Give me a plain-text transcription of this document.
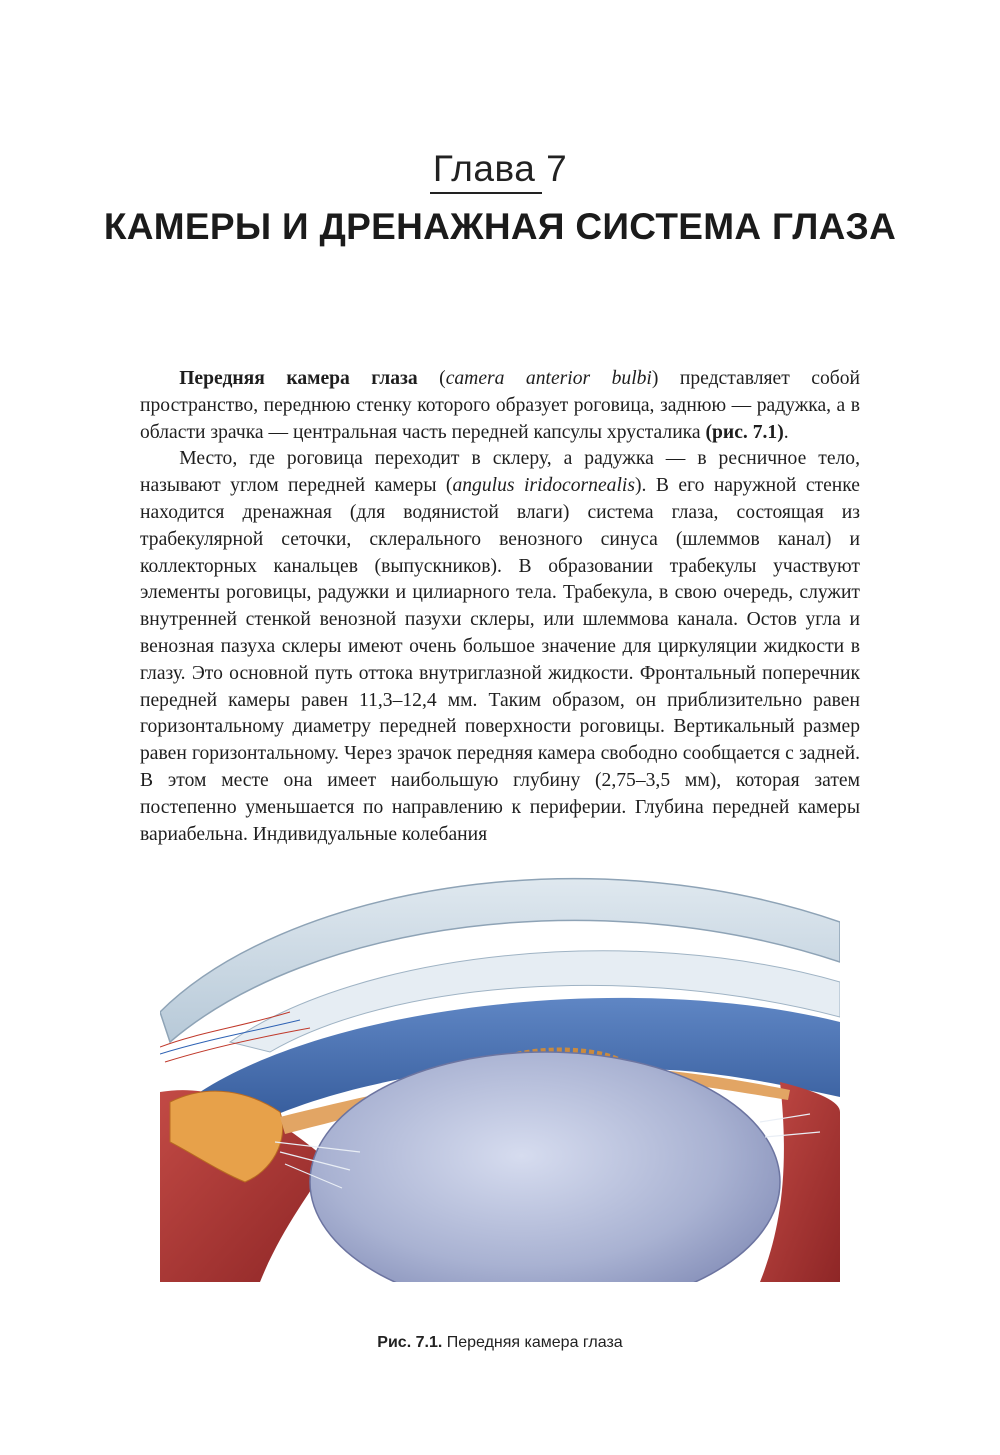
Глава 7
КАМЕРЫ И ДРЕНАЖНАЯ СИСТЕМА ГЛАЗА

  Передняя камера глаза (camera anterior bulbi) представляет собой пространство, переднюю стенку которого образует роговица, заднюю — радужка, а в области зрачка — центральная часть передней капсулы хрусталика (рис. 7.1).

  Место, где роговица переходит в склеру, а радужка — в ресничное тело, называют углом передней камеры (angulus iridocornealis). В его наружной стенке находится дренажная (для водянистой влаги) система глаза, состоящая из трабекулярной сеточки, склерального венозного синуса (шлеммов канал) и коллекторных канальцев (выпускников). В образовании трабекулы участвуют элементы роговицы, радужки и цилиарного тела. Трабекула, в свою очередь, служит внутренней стенкой венозной пазухи склеры, или шлеммова канала. Остов угла и венозная пазуха склеры имеют очень большое значение для циркуляции жидкости в глазу. Это основной путь оттока внутриглазной жидкости. Фронтальный поперечник передней камеры равен 11,3–12,4 мм. Таким образом, он приблизительно равен горизонтальному диаметру передней поверхности роговицы. Вертикальный размер равен горизонтальному. Через зрачок передняя камера свободно сообщается с задней. В этом месте она имеет наибольшую глубину (2,75–3,5 мм), которая затем постепенно уменьшается по направлению к периферии. Глубина передней камеры вариабельна. Индивидуальные колебания

Рис. 7.1. Передняя камера глаза
